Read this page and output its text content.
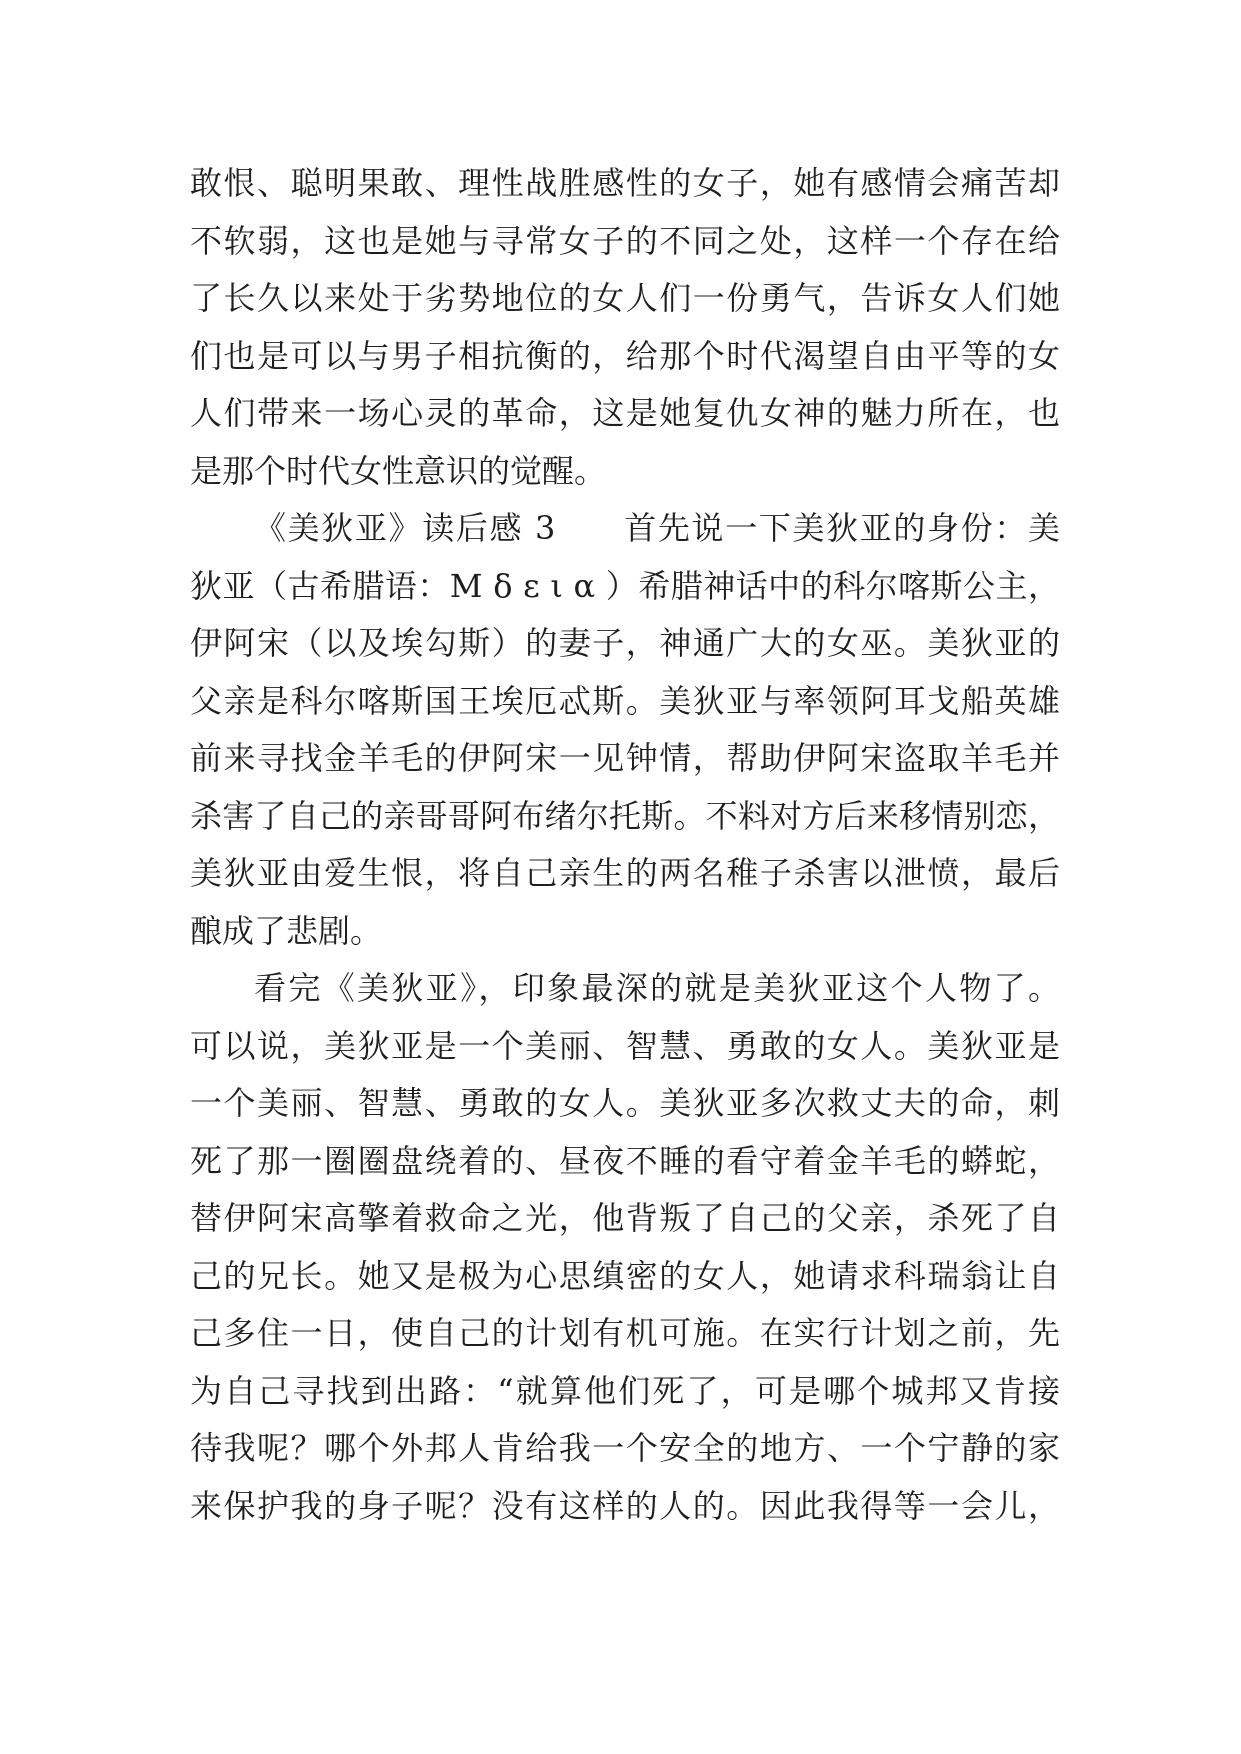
敢恨、聪明果敢、理性战胜感性的女子，她有感情会痛苦却
不软弱，这也是她与寻常女子的不同之处，这样一个存在给
了长久以来处于劣势地位的女人们一份勇气，告诉女人们她
们也是可以与男子相抗衡的，给那个时代渴望自由平等的女
人们带来一场心灵的革命，这是她复仇女神的魅力所在，也
是那个时代女性意识的觉醒。
《美狄亚》读后感 3　　首先说一下美狄亚的身份：美
狄亚（古希腊语：Μ δ ε ι α ）希腊神话中的科尔喀斯公主，
伊阿宋（以及埃勾斯）的妻子，神通广大的女巫。美狄亚的
父亲是科尔喀斯国王埃厄忒斯。美狄亚与率领阿耳戈船英雄
前来寻找金羊毛的伊阿宋一见钟情，帮助伊阿宋盗取羊毛并
杀害了自己的亲哥哥阿布绪尔托斯。不料对方后来移情别恋，
美狄亚由爱生恨，将自己亲生的两名稚子杀害以泄愤，最后
酿成了悲剧。
看完《美狄亚》，印象最深的就是美狄亚这个人物了。
可以说，美狄亚是一个美丽、智慧、勇敢的女人。美狄亚是
一个美丽、智慧、勇敢的女人。美狄亚多次救丈夫的命，刺
死了那一圈圈盘绕着的、昼夜不睡的看守着金羊毛的蟒蛇，
替伊阿宋高擎着救命之光，他背叛了自己的父亲，杀死了自
己的兄长。她又是极为心思缜密的女人，她请求科瑞翁让自
己多住一日，使自己的计划有机可施。在实行计划之前，先
为自己寻找到出路：“就算他们死了，可是哪个城邦又肯接
待我呢？哪个外邦人肯给我一个安全的地方、一个宁静的家
来保护我的身子呢？没有这样的人的。因此我得等一会儿，
